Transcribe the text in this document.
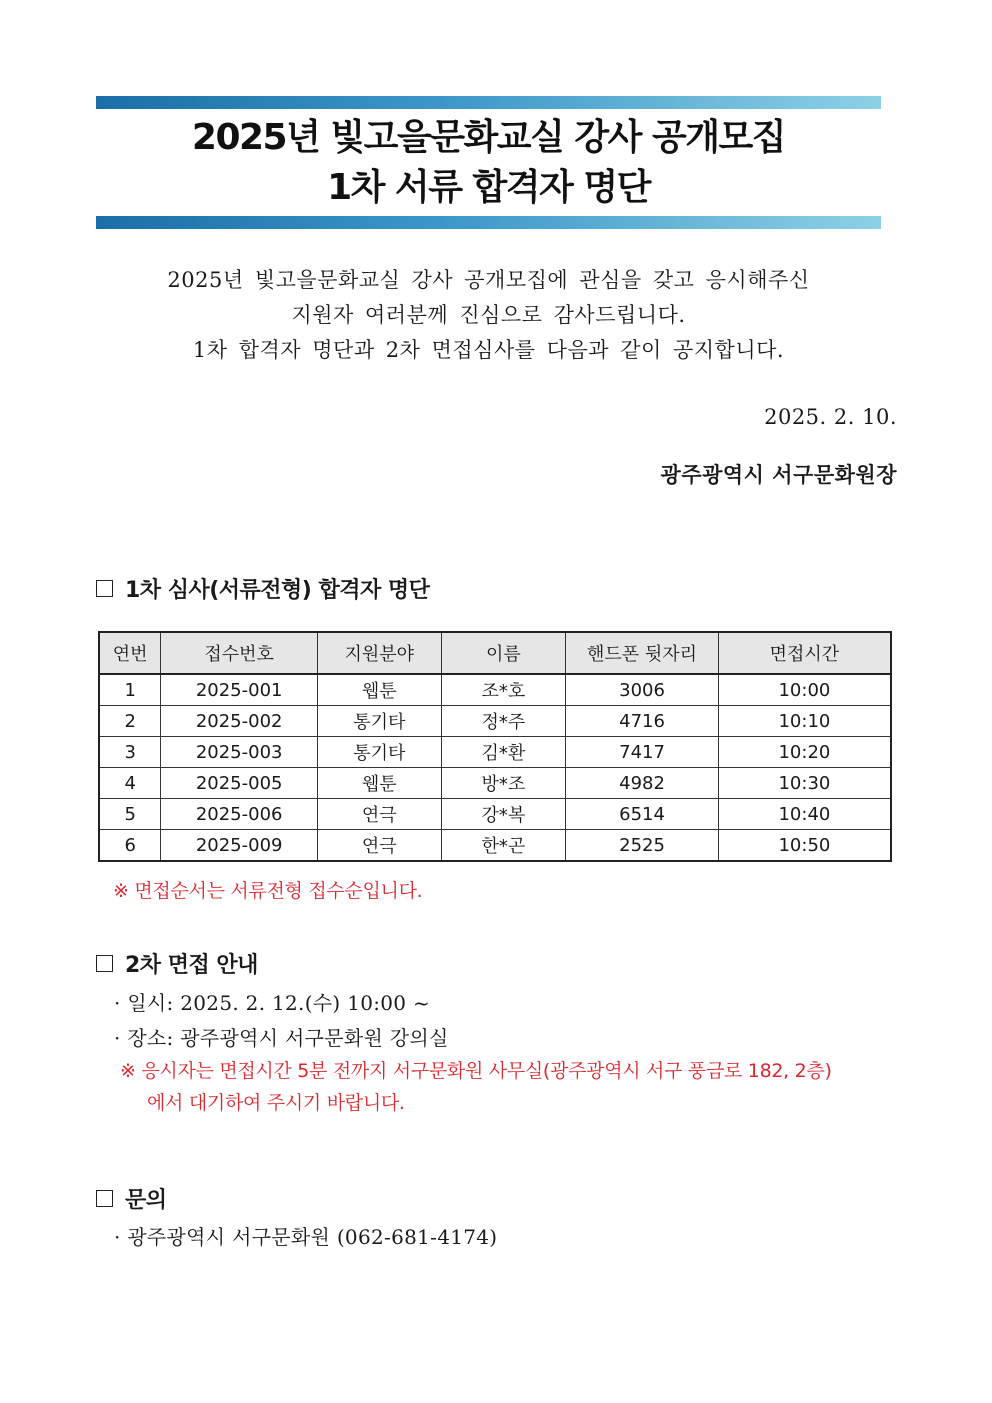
2025년 빛고을문화교실 강사 공개모집
1차 서류 합격자 명단
2025년 빛고을문화교실 강사 공개모집에 관심을 갖고 응시해주신
지원자 여러분께 진심으로 감사드립니다.
1차 합격자 명단과 2차 면접심사를 다음과 같이 공지합니다.
2025. 2. 10.
광주광역시 서구문화원장
1차 심사(서류전형) 합격자 명단
연번	접수번호	지원분야	이름	핸드폰 뒷자리	면접시간
1	2025-001	웹툰	조*호	3006	10:00
2	2025-002	통기타	정*주	4716	10:10
3	2025-003	통기타	김*환	7417	10:20
4	2025-005	웹툰	방*조	4982	10:30
5	2025-006	연극	강*복	6514	10:40
6	2025-009	연극	한*곤	2525	10:50
※ 면접순서는 서류전형 접수순입니다.
2차 면접 안내
· 일시: 2025. 2. 12.(수) 10:00 ~
· 장소: 광주광역시 서구문화원 강의실
※ 응시자는 면접시간 5분 전까지 서구문화원 사무실(광주광역시 서구 풍금로 182, 2층)
에서 대기하여 주시기 바랍니다.
문의
· 광주광역시 서구문화원 (062-681-4174)
